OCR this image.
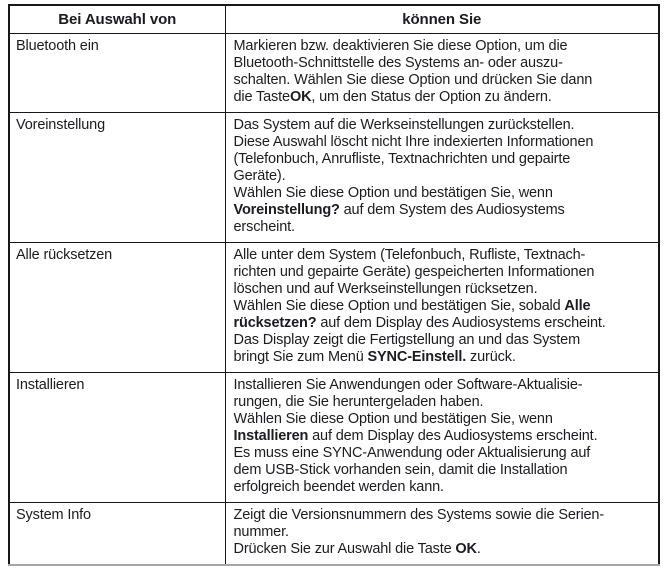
Bei Auswahl von	können Sie
Bluetooth ein	Markieren bzw. deaktivieren Sie diese Option, um die
Bluetooth-Schnittstelle des Systems an- oder auszu-
schalten. Wählen Sie diese Option und drücken Sie dann
die TasteOK, um den Status der Option zu ändern.

Voreinstellung	Das System auf die Werkseinstellungen zurückstellen.
Diese Auswahl löscht nicht Ihre indexierten Informationen
(Telefonbuch, Anrufliste, Textnachrichten und gepairte
Geräte).
Wählen Sie diese Option und bestätigen Sie, wenn
Voreinstellung? auf dem System des Audiosystems
erscheint.

Alle rücksetzen	Alle unter dem System (Telefonbuch, Rufliste, Textnach-
richten und gepairte Geräte) gespeicherten Informationen
löschen und auf Werkseinstellungen rücksetzen.
Wählen Sie diese Option und bestätigen Sie, sobald Alle
rücksetzen? auf dem Display des Audiosystems erscheint.
Das Display zeigt die Fertigstellung an und das System
bringt Sie zum Menü SYNC-Einstell. zurück.

Installieren	Installieren Sie Anwendungen oder Software-Aktualisie-
rungen, die Sie heruntergeladen haben.
Wählen Sie diese Option und bestätigen Sie, wenn
Installieren auf dem Display des Audiosystems erscheint.
Es muss eine SYNC-Anwendung oder Aktualisierung auf
dem USB-Stick vorhanden sein, damit die Installation
erfolgreich beendet werden kann.

System Info	Zeigt die Versionsnummern des Systems sowie die Serien-
nummer.
Drücken Sie zur Auswahl die Taste OK.
